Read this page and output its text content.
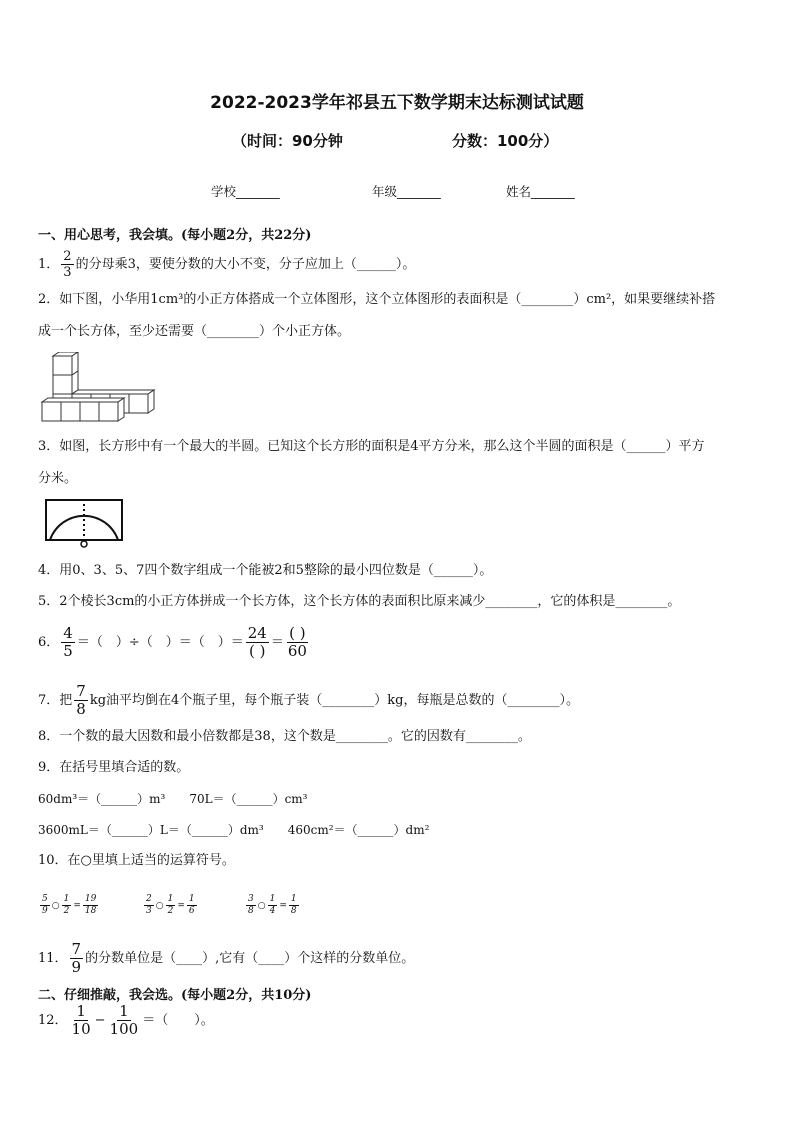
2022-2023学年祁县五下数学期末达标测试试题
（时间：90分钟	分数：100分）
学校_______	年级_______	姓名_______
一、用心思考，我会填。(每小题2分，共22分)
1． $\frac{2}{3}$ 的分母乘3，要使分数的大小不变，分子应加上（______）。
2．如下图，小华用1cm³的小正方体搭成一个立体图形，这个立体图形的表面积是（________）cm²，如果要继续补搭
成一个长方体，至少还需要（________）个小正方体。
3．如图，长方形中有一个最大的半圆。已知这个长方形的面积是4平方分米，那么这个半圆的面积是（______）平方
分米。
4．用0、3、5、7四个数字组成一个能被2和5整除的最小四位数是（______）。
5．2个棱长3cm的小正方体拼成一个长方体，这个长方体的表面积比原来减少________，它的体积是________。
6． $\frac{4}{5}$ ＝（　）÷（　）＝（　）＝ $\frac{24}{( )} = \frac{( )}{60}$
7．把 $\frac{7}{8}$ kg油平均倒在4个瓶子里，每个瓶子装（________）kg，每瓶是总数的（________）。
8．一个数的最大因数和最小倍数都是38，这个数是________。它的因数有________。
9．在括号里填合适的数。
60dm³＝（______）m³　　70L＝（______）cm³
3600mL＝（______）L＝（______）dm³　　460cm²＝（______）dm²
10．在○里填上适当的运算符号。
$\frac{5}{9}$ ○ $\frac{1}{2} = \frac{19}{18}$	$\frac{2}{3}$ ○ $\frac{1}{2} = \frac{1}{6}$	$\frac{3}{8}$ ○ $\frac{1}{4} = \frac{1}{8}$
11． $\frac{7}{9}$ 的分数单位是（____）,它有（____）个这样的分数单位。
二、仔细推敲，我会选。(每小题2分，共10分)
12． $\frac{1}{10} - \frac{1}{100}$ ＝（　　）。
